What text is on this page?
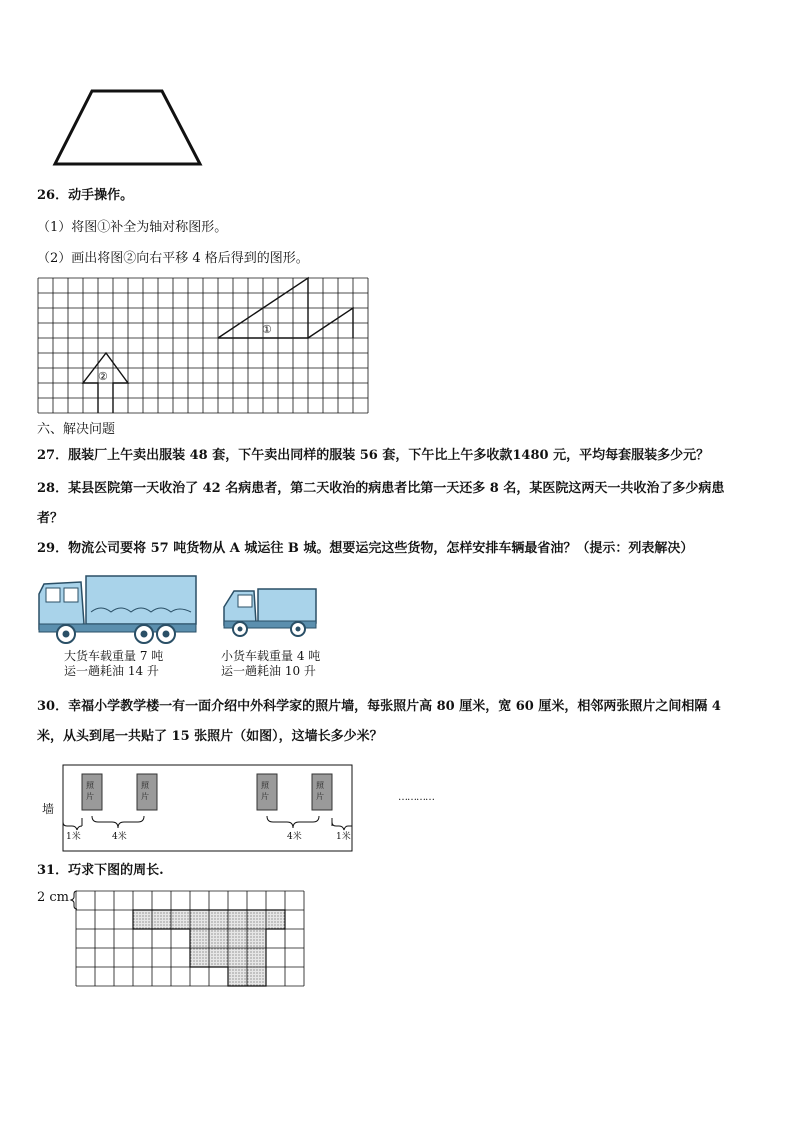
26．动手操作。
（1）将图①补全为轴对称图形。
（2）画出将图②向右平移 4 格后得到的图形。
①
②
六、解决问题
27．服装厂上午卖出服装 48 套，下午卖出同样的服装 56 套，下午比上午多收款1480 元，平均每套服装多少元？
28．某县医院第一天收治了 42 名病患者，第二天收治的病患者比第一天还多 8 名，某医院这两天一共收治了多少病患
者？
29．物流公司要将 57 吨货物从 A 城运往 B 城。想要运完这些货物，怎样安排车辆最省油？（提示：列表解决）
大货车载重量 7 吨
运一趟耗油 14 升
小货车载重量 4 吨
运一趟耗油 10 升
30．幸福小学教学楼一有一面介绍中外科学家的照片墙，每张照片高 80 厘米，宽 60 厘米，相邻两张照片之间相隔 4
米，从头到尾一共贴了 15 张照片（如图），这墙长多少米？
墙
照片
照片
照片
照片
1米	4米	4米	1米
…………
31．巧求下图的周长.
2 cm
